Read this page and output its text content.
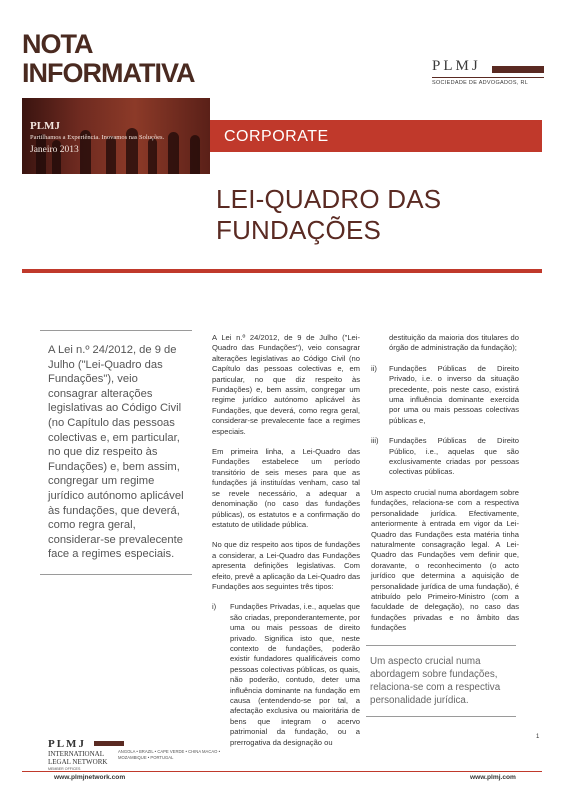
NOTA
INFORMATIVA	PLMJ
SOCIEDADE DE ADVOGADOS, RL
PLMJ
Partilhamos a Experiência. Inovamos nas Soluções.
Janeiro 2013
CORPORATE
LEI-QUADRO DAS
FUNDAÇÕES
A Lei n.º 24/2012, de 9 de Julho ("Lei-Quadro das Fundações"), veio consagrar alterações legislativas ao Código Civil (no Capítulo das pessoas colectivas e, em particular, no que diz respeito às Fundações) e, bem assim, congregar um regime jurídico autónomo aplicável às fundações, que deverá, como regra geral, considerar-se prevalecente face a regimes especiais.

A Lei n.º 24/2012, de 9 de Julho ("Lei-Quadro das Fundações"), veio consagrar alterações legislativas ao Código Civil (no Capítulo das pessoas colectivas e, em particular, no que diz respeito às Fundações) e, bem assim, congregar um regime jurídico autónomo aplicável às Fundações, que deverá, como regra geral, considerar-se prevalecente face a regimes especiais.

Em primeira linha, a Lei-Quadro das Fundações estabelece um período transitório de seis meses para que as fundações já instituídas venham, caso tal se revele necessário, a adequar a denominação (no caso das fundações públicas), os estatutos e a confirmação do estatuto de utilidade pública.

No que diz respeito aos tipos de fundações a considerar, a Lei-Quadro das Fundações apresenta definições legislativas. Com efeito, prevê a aplicação da Lei-Quadro das Fundações aos seguintes três tipos:

i)	Fundações Privadas, i.e., aquelas que são criadas, preponderantemente, por uma ou mais pessoas de direito privado. Significa isto que, neste contexto de fundações, poderão existir fundadores qualificáveis como pessoas colectivas públicas, os quais, não poderão, contudo, deter uma influência dominante na fundação em causa (entendendo-se por tal, a afectação exclusiva ou maioritária de bens que integram o acervo patrimonial da fundação, ou a prerrogativa da designação ou
destituição da maioria dos titulares do órgão de administração da fundação);
ii)	Fundações Públicas de Direito Privado, i.e. o inverso da situação precedente, pois neste caso, existirá uma influência dominante exercida por uma ou mais pessoas colectivas públicas e,
iii)	Fundações Públicas de Direito Público, i.e., aquelas que são exclusivamente criadas por pessoas colectivas públicas.

Um aspecto crucial numa abordagem sobre fundações, relaciona-se com a respectiva personalidade jurídica. Efectivamente, anteriormente à entrada em vigor da Lei-Quadro das Fundações esta matéria tinha naturalmente consagração legal. A Lei-Quadro das Fundações vem definir que, doravante, o reconhecimento (o acto jurídico que determina a aquisição de personalidade jurídica de uma fundação), é atribuído pelo Primeiro-Ministro (com a faculdade de delegação), no caso das fundações privadas e no âmbito das fundações

Um aspecto crucial numa abordagem sobre fundações, relaciona-se com a respectiva personalidade jurídica.
1
PLMJ
INTERNATIONAL
LEGAL NETWORK
MEMBER OFFICES
ANGOLA • BRAZIL • CAPE VERDE • CHINA MACAO • MOZAMBIQUE • PORTUGAL
www.plmjnetwork.com	www.plmj.com
